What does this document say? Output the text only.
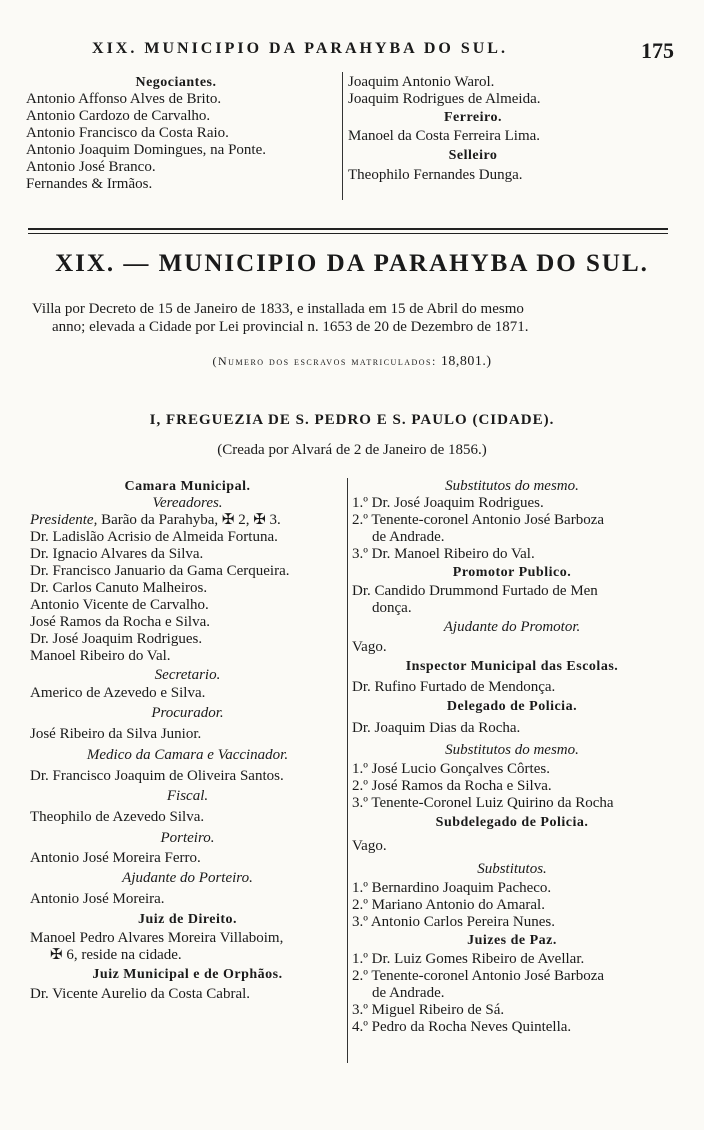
XIX. MUNICIPIO DA PARAHYBA DO SUL.	175
Negociantes.
Antonio Affonso Alves de Brito.
Antonio Cardozo de Carvalho.
Antonio Francisco da Costa Raio.
Antonio Joaquim Domingues, na Ponte.
Antonio José Branco.
Fernandes & Irmãos.
Joaquim Antonio Warol.
Joaquim Rodrigues de Almeida.
Ferreiro.
Manoel da Costa Ferreira Lima.
Selleiro
Theophilo Fernandes Dunga.
XIX. — MUNICIPIO DA PARAHYBA DO SUL.
Villa por Decreto de 15 de Janeiro de 1833, e installada em 15 de Abril do mesmo
anno; elevada a Cidade por Lei provincial n. 1653 de 20 de Dezembro de 1871.
(Numero dos escravos matriculados: 18,801.)
I, FREGUEZIA DE S. PEDRO E S. PAULO (CIDADE).
(Creada por Alvará de 2 de Janeiro de 1856.)
Camara Municipal.
Vereadores.
Presidente, Barão da Parahyba, ✠ 2, ✠ 3.
Dr. Ladislão Acrisio de Almeida Fortuna.
Dr. Ignacio Alvares da Silva.
Dr. Francisco Januario da Gama Cerqueira.
Dr. Carlos Canuto Malheiros.
Antonio Vicente de Carvalho.
José Ramos da Rocha e Silva.
Dr. José Joaquim Rodrigues.
Manoel Ribeiro do Val.
Secretario.
Americo de Azevedo e Silva.
Procurador.
José Ribeiro da Silva Junior.
Medico da Camara e Vaccinador.
Dr. Francisco Joaquim de Oliveira Santos.
Fiscal.
Theophilo de Azevedo Silva.
Porteiro.
Antonio José Moreira Ferro.
Ajudante do Porteiro.
Antonio José Moreira.
Juiz de Direito.
Manoel Pedro Alvares Moreira Villaboim,
✠ 6, reside na cidade.
Juiz Municipal e de Orphãos.
Dr. Vicente Aurelio da Costa Cabral.
Substitutos do mesmo.
1.º Dr. José Joaquim Rodrigues.
2.º Tenente-coronel Antonio José Barboza
de Andrade.
3.º Dr. Manoel Ribeiro do Val.
Promotor Publico.
Dr. Candido Drummond Furtado de Men
donça.
Ajudante do Promotor.
Vago.
Inspector Municipal das Escolas.
Dr. Rufino Furtado de Mendonça.
Delegado de Policia.
Dr. Joaquim Dias da Rocha.
Substitutos do mesmo.
1.º José Lucio Gonçalves Côrtes.
2.º José Ramos da Rocha e Silva.
3.º Tenente-Coronel Luiz Quirino da Rocha
Subdelegado de Policia.
Vago.
Substitutos.
1.º Bernardino Joaquim Pacheco.
2.º Mariano Antonio do Amaral.
3.º Antonio Carlos Pereira Nunes.
Juizes de Paz.
1.º Dr. Luiz Gomes Ribeiro de Avellar.
2.º Tenente-coronel Antonio José Barboza
de Andrade.
3.º Miguel Ribeiro de Sá.
4.º Pedro da Rocha Neves Quintella.
